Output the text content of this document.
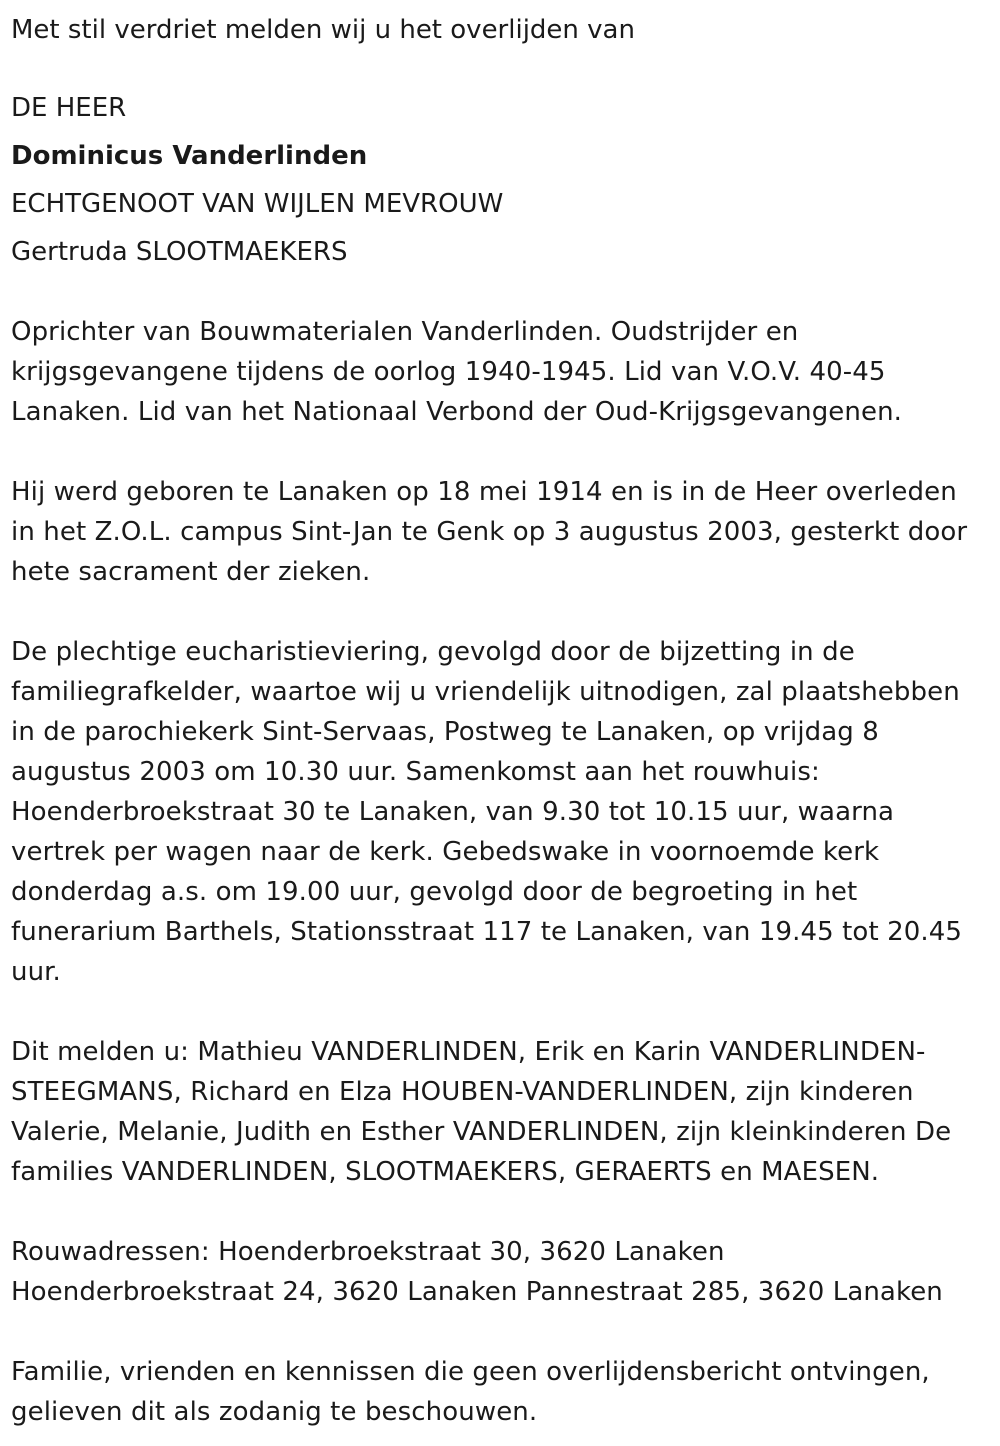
Met stil verdriet melden wij u het overlijden van

DE HEER

Dominicus Vanderlinden

ECHTGENOOT VAN WIJLEN MEVROUW

Gertruda SLOOTMAEKERS

Oprichter van Bouwmaterialen Vanderlinden. Oudstrijder en krijgsgevangene tijdens de oorlog 1940-1945. Lid van V.O.V. 40-45 Lanaken. Lid van het Nationaal Verbond der Oud-Krijgsgevangenen.

Hij werd geboren te Lanaken op 18 mei 1914 en is in de Heer overleden in het Z.O.L. campus Sint-Jan te Genk op 3 augustus 2003, gesterkt door hete sacrament der zieken.

De plechtige eucharistieviering, gevolgd door de bijzetting in de familiegrafkelder, waartoe wij u vriendelijk uitnodigen, zal plaatshebben in de parochiekerk Sint-Servaas, Postweg te Lanaken, op vrijdag 8 augustus 2003 om 10.30 uur. Samenkomst aan het rouwhuis: Hoenderbroekstraat 30 te Lanaken, van 9.30 tot 10.15 uur, waarna vertrek per wagen naar de kerk. Gebedswake in voornoemde kerk donderdag a.s. om 19.00 uur, gevolgd door de begroeting in het funerarium Barthels, Stationsstraat 117 te Lanaken, van 19.45 tot 20.45 uur.

Dit melden u: Mathieu VANDERLINDEN, Erik en Karin VANDERLINDEN-STEEGMANS, Richard en Elza HOUBEN-VANDERLINDEN, zijn kinderen Valerie, Melanie, Judith en Esther VANDERLINDEN, zijn kleinkinderen De families VANDERLINDEN, SLOOTMAEKERS, GERAERTS en MAESEN.

Rouwadressen: Hoenderbroekstraat 30, 3620 Lanaken
Hoenderbroekstraat 24, 3620 Lanaken Pannestraat 285, 3620 Lanaken

Familie, vrienden en kennissen die geen overlijdensbericht ontvingen, gelieven dit als zodanig te beschouwen.
